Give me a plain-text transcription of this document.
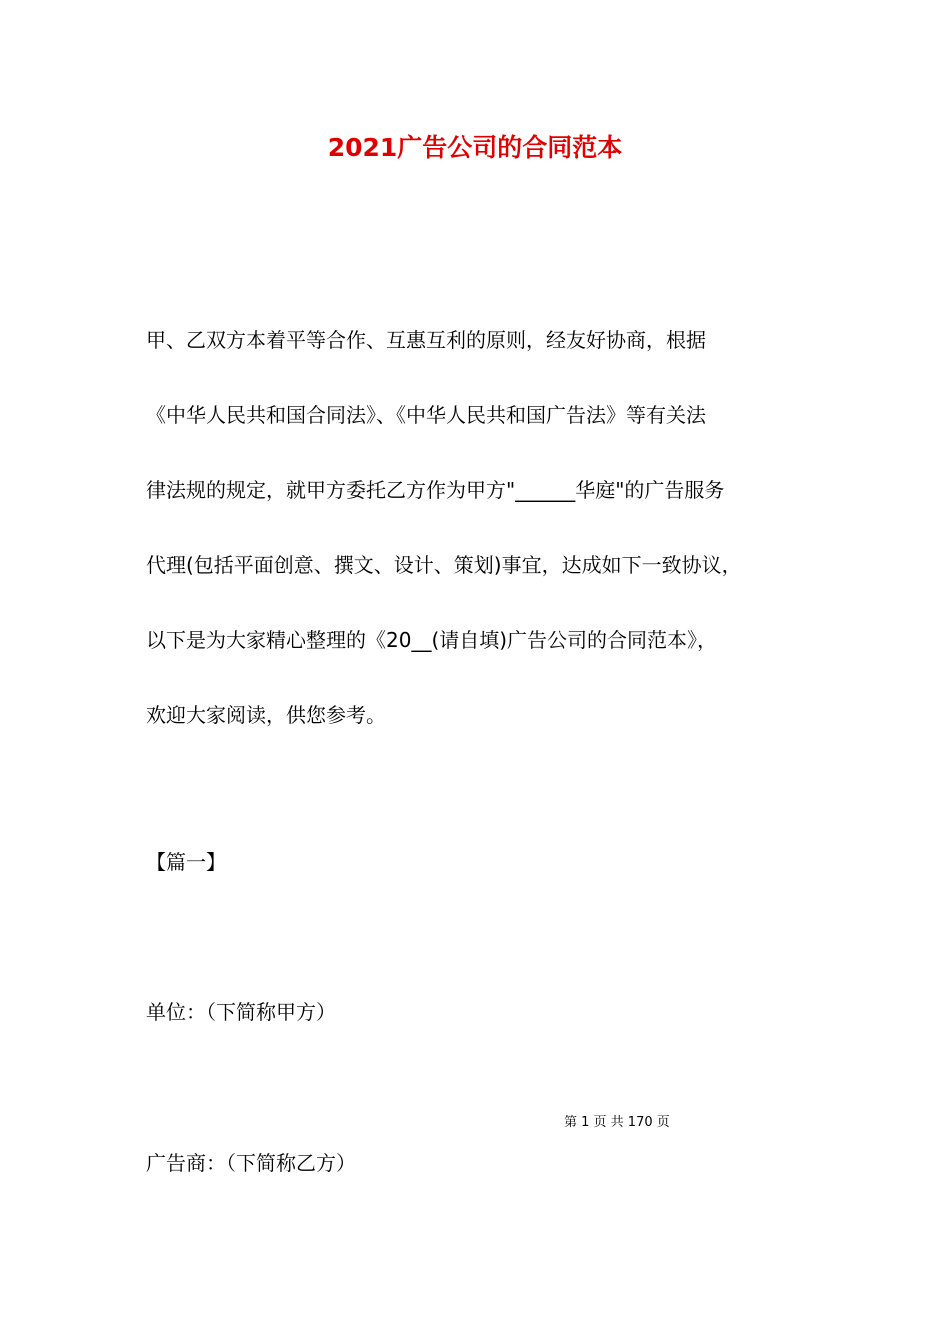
2021广告公司的合同范本
甲、乙双方本着平等合作、互惠互利的原则，经友好协商，根据
《中华人民共和国合同法》、《中华人民共和国广告法》等有关法
律法规的规定，就甲方委托乙方作为甲方"______华庭"的广告服务
代理(包括平面创意、撰文、设计、策划)事宜，达成如下一致协议，
以下是为大家精心整理的《20__(请自填)广告公司的合同范本》，
欢迎大家阅读，供您参考。

【篇一】

单位：（下简称甲方）

第 1 页 共 170 页

广告商：（下简称乙方）
